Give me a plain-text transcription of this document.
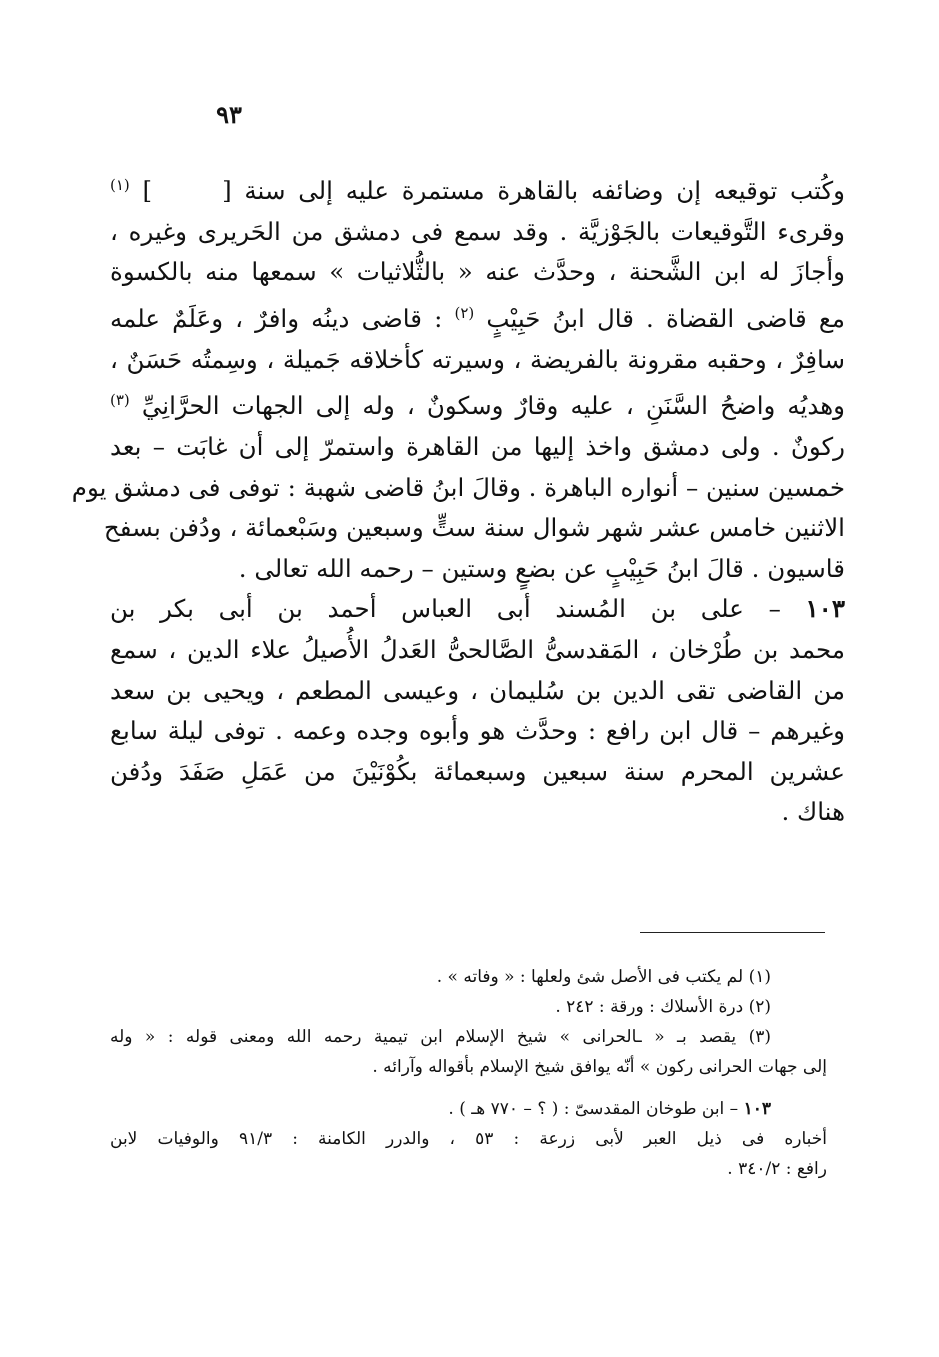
٩٣

وكُتب توقيعه إن وضائفه بالقاهرة مستمرة عليه إلى سنة [] $^{(١)}$
وقرىء التَّوقيعات بالجَوْزيَّة . وقد سمع فى دمشق من الحَريرى وغيره ،
وأجازَ له ابن الشَّحنة ، وحدَّث عنه « بالثُّلاثيات » سمعها منه بالكسوة
مع قاضى القضاة . قال ابنُ حَبِيْبٍ $^{(٢)}$ : قاضى دينُه وافرٌ ، وعَلَمٌ علمه
سافِرٌ ، وحقبه مقرونة بالفريضة ، وسيرته كأخلاقه جَميلة ، وسِمتُه حَسَنٌ ،
وهديُه واضحُ السَّنَنِ ، عليه وقارٌ وسكونٌ ، وله إلى الجهات الحرَّانِيِّ $^{(٣)}$
ركونٌ . ولى دمشق واخذ إليها من القاهرة واستمرّ إلى أن غابَت – بعد
خمسين سنين – أنواره الباهرة . وقالَ ابنُ قاضى شهبة : توفى فى دمشق يوم
الاثنين خامس عشر شهر شوال سنة ستٍّ وسبعين وسَبْعمائة ، ودُفن بسفح
قاسيون . قالَ ابنُ حَبِيْبٍ عن بضعٍ وستين – رحمه الله تعالى .

١٠٣ – على بن المُسند أبى العباس أحمد بن أبى بكر بن
محمد بن طُرْخان ، المَقدسىُّ الصَّالحىُّ العَدلُ الأُصيلُ علاء الدين ، سمع
من القاضى تقى الدين بن سُليمان ، وعيسى المطعم ، ويحيى بن سعد
وغيرهم – قال ابن رافع : وحدَّث هو وأبوه وجده وعمه . توفى ليلة سابع
عشرين المحرم سنة سبعين وسبعمائة بكُوْنَيْنَ من عَمَلِ صَفَدَ ودُفن
هناك .

(١) لم يكتب فى الأصل شئ ولعلها : « وفاته » .
(٢) درة الأسلاك : ورقة : ٢٤٢ .
(٣) يقصد بـ « ـالحرانى » شيخ الإسلام ابن تيمية رحمه الله ومعنى قوله : « وله
إلى جهات الحرانى ركون » أنّه يوافق شيخ الإسلام بأقواله وآرائه .
١٠٣ – ابن طوخان المقدسىّ : ( ؟ – ٧٧٠ هـ ) .
أخباره فى ذيل العبر لأبى زرعة : ٥٣ ، والدرر الكامنة : ٩١/٣ والوفيات لابن
رافع : ٣٤٠/٢ .
